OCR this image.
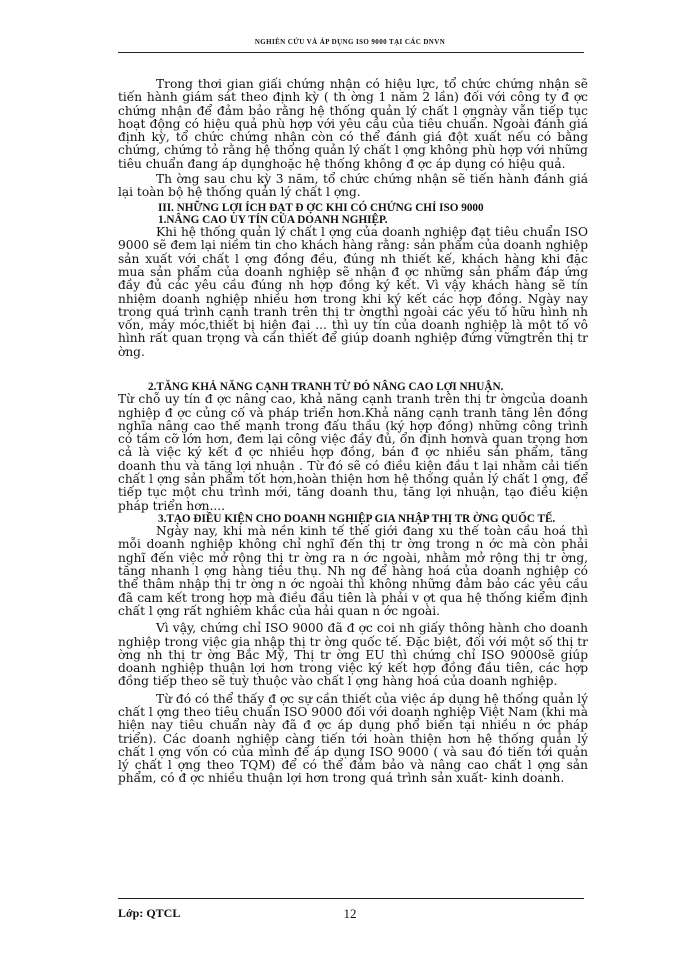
NGHIÊN CỨU VÀ ÁP DỤNG ISO 9000 TẠI CÁC DNVN

Trong thơi gian giấi chứng nhận có hiệu lực, tổ chức chứng nhận sẽ tiến hành giám sát theo định kỳ ( th ờng 1 năm 2 lần) đối với công ty đ ợc chứng nhận để đảm bảo rằng hệ thống quản lý chất l ợngnày vẫn tiếp tục hoạt động có hiệu quả phù hợp với yêu cầu của tiêu chuẩn. Ngoài đánh giá định kỳ, tổ chức chứng nhận còn có thể đánh giá đột xuất nếu có bằng chứng, chứng tỏ rằng hệ thống quản lý chất l ợng không phù hợp với những tiêu chuẩn đang áp dụnghoặc hệ thống không đ ợc áp dụng có hiệu quả.

Th ờng sau chu kỳ 3 năm, tổ chức chứng nhận sẽ tiến hành đánh giá lại toàn bộ hệ thống quản lý chất l ợng.

III. NHỮNG LỢI ÍCH ĐẠT Đ ỢC KHI CÓ CHỨNG CHỈ ISO 9000
1.NÂNG CAO UY TÍN CỦA DOANH NGHIỆP.

Khi hệ thống quản lý chất l ợng của doanh nghiệp đạt tiêu chuẩn ISO 9000 sẽ đem lại niềm tin cho khách hàng rằng: sản phẩm của doanh nghiệp sản xuất với chất l ợng đồng đều, đúng nh thiết kế, khách hàng khi đặc mua sản phẩm của doanh nghiệp sẽ nhận đ ợc những sản phẩm đáp ứng đầy đủ các yêu cầu đúng nh hợp đồng ký kết. Vì vậy khách hàng sẽ tín nhiệm doanh nghiệp nhiều hơn trong khi ký kết các hợp đồng. Ngày nay trong quá trình cạnh tranh trên thị tr ờngthì ngoài các yếu tố hữu hình nh vốn, máy móc,thiết bị hiện đại ... thì uy tín của doanh nghiệp là một tố vô hình rất quan trọng và cần thiết để giúp doanh nghiệp đứng vữngtrên thị tr ờng.

2.TĂNG KHẢ NĂNG CẠNH TRANH TỪ ĐÓ NÂNG CAO LỢI NHUẬN.

Từ chỗ uy tín đ ợc nâng cao, khả năng cạnh tranh trên thị tr ờngcủa doanh nghiệp đ ợc củng cố và pháp triển hơn.Khả năng cạnh tranh tăng lên đồng nghĩa nâng cao thế mạnh trong đấu thầu (ký hợp đồng) những công trình có tầm cỡ lớn hơn, đem lại công việc đầy đủ, ổn định hơnvà quan trọng hơn cả là việc ký kết đ ợc nhiều hợp đồng, bán đ ợc nhiều sản phẩm, tăng doanh thu và tăng lợi nhuận . Từ đó sẽ có điều kiện đầu t lại nhằm cải tiến chất l ợng sản phẩm tốt hơn,hoàn thiện hơn hệ thống quản lý chất l ợng, để tiếp tục một chu trình mới, tăng doanh thu, tăng lợi nhuận, tạo điều kiện pháp triển hơn....

3.TẠO ĐIỀU KIỆN CHO DOANH NGHIỆP GIA NHẬP THỊ TR ỜNG QUỐC TẾ.

Ngày nay, khi mà nền kinh tế thế giới đang xu thế toàn cầu hoá thì mỗi doanh nghiệp không chỉ nghĩ đến thị tr ờng trong n ớc mà còn phải nghĩ đến việc mở rộng thị tr ờng ra n ớc ngoài, nhằm mở rộng thị tr ờng, tăng nhanh l ợng hàng tiêu thụ. Nh ng để hàng hoá của doanh nghiệp có thể thâm nhập thị tr ờng n ớc ngoài thì không những đảm bảo các yêu cầu đã cam kết trong hợp mà điều đầu tiên là phải v ợt qua hệ thống kiểm định chất l ợng rất nghiêm khắc của hải quan n ớc ngoài.

Vì vậy, chứng chỉ ISO 9000 đã đ ợc coi nh giấy thông hành cho doanh nghiệp trong việc gia nhập thị tr ờng quốc tế. Đặc biệt, đối với một số thị tr ờng nh thị tr ờng Bắc Mỹ, Thị tr ờng EU thì chứng chỉ ISO 9000sẽ giúp doanh nghiệp thuận lợi hơn trong việc ký kết hợp đồng đầu tiên, các hợp đồng tiếp theo sẽ tuỳ thuộc vào chất l ợng hàng hoá của doanh nghiệp.

Từ đó có thể thấy đ ợc sự cần thiết của việc áp dụng hệ thống quản lý chất l ợng theo tiêu chuẩn ISO 9000 đối với doanh nghiệp Việt Nam (khi mà hiện nay tiêu chuẩn này đã đ ợc áp dụng phổ biến tại nhiều n ớc pháp triển). Các doanh nghiệp càng tiến tới hoàn thiện hơn hệ thống quản lý chất l ợng vốn có của mình để áp dụng ISO 9000 ( và sau đó tiến tới quản lý chất l ợng theo TQM) để có thể đảm bảo và nâng cao chất l ợng sản phẩm, có đ ợc nhiều thuận lợi hơn trong quá trình sản xuất- kinh doanh.

Lớp: QTCL	12
